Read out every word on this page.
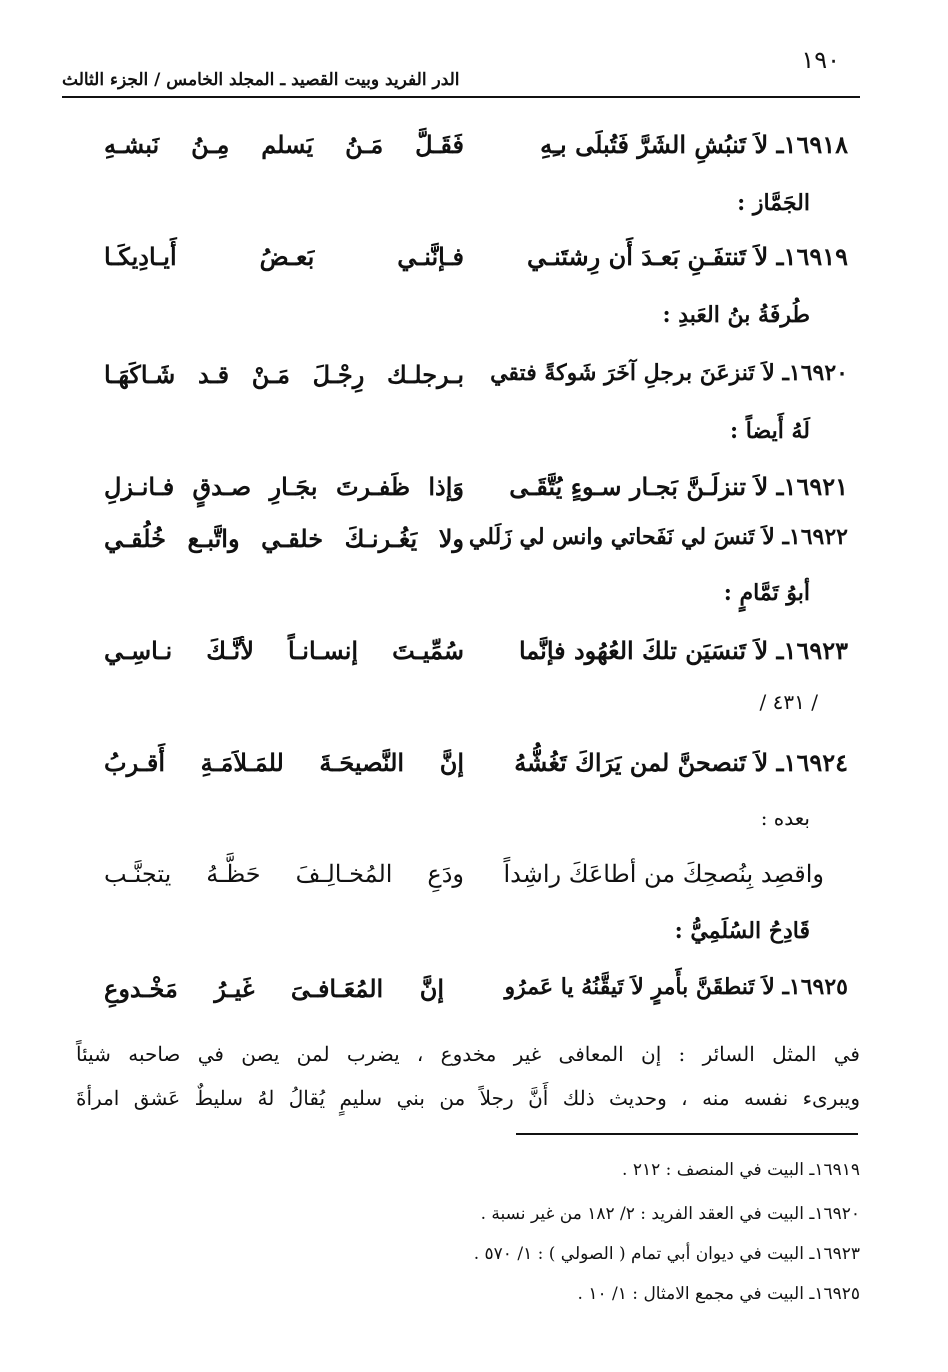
١٩٠
الدر الفريد وبيت القصيد ـ المجلد الخامس / الجزء الثالث
١٦٩١٨ـ لاَ تَنبُشِ الشَرَّ فَتُبلَى بـِهِ
فَقَـلَّ مَـنُ يَسلم مِـنُ نَبشـهِ
الجَمَّاز :
١٦٩١٩ـ لاَ تَنتفَـنِ بَعـدَ أَن رِشتَنـي
فـإنَّنـي بَعـضُ أَيـادِيكَـا
طُرفَةُ بنُ العَبدِ :
١٦٩٢٠ـ لاَ تَنزعَنَ برجلِ آخَرَ شَوكةً فتقي
بـرجلـك رِجْـلَ مَـنْ قـد شَـاكَهَـا
لَهُ أَيضاً :
١٦٩٢١ـ لاَ تنزلَـنَّ بَجـار سـوءٍ يُتَّقَـى
وَإذا ظَفـرتَ بجَـارِ صـدقٍ فـانـزلِ
١٦٩٢٢ـ لاَ تَنسَ لي نَفَحاتي وانس لي زَلَلي
ولا يَغُـرنـكَ خلقـي واتَّبـع خُلُقـي
أبوُ تَمَّامٍ :
١٦٩٢٣ـ لاَ تَنسَيَن تلكَ العُهُود فإنَّما
سُمِّيـتَ إنسـانـاً لأنَّـكَ نـاسِـي
/ ٤٣١ /
١٦٩٢٤ـ لاَ تَنصحنَّ لمن يَرَاكَ تَغُشُّهُ
إنَّ النَّصيحَـةَ للمَـلاَمَـةِ أَقـربُ
بعده :
واقصِد بِنُصحِكَ من أطاعَكَ راشِداً
ودَعِ المُخـالِـفَ حَظَّـهُ يتجنَّـب
قَادِحُ السُلَمِيُّ :
١٦٩٢٥ـ لاَ تَنطقَنَّ بأَمرٍ لاَ تَيقَّنُهُ يا عَمرُو
إنَّ المُعَـافـىَ غَيـرُ مَخْـدوعِ
في المثل السائر : إن المعافى غير مخدوع ، يضرب لمن يصن في صاحبه شيئاً
ويبرىء نفسه منه ، وحديث ذلك أَنَّ رجلاً من بني سليمٍ يُقالُ لهُ سليطٌ عَشق امرأةَ
١٦٩١٩ـ البيت في المنصف : ٢١٢ .
١٦٩٢٠ـ البيت في العقد الفريد : ٢/ ١٨٢ من غير نسبة .
١٦٩٢٣ـ البيت في ديوان أبي تمام ( الصولي ) : ١/ ٥٧٠ .
١٦٩٢٥ـ البيت في مجمع الامثال : ١/ ١٠ .
